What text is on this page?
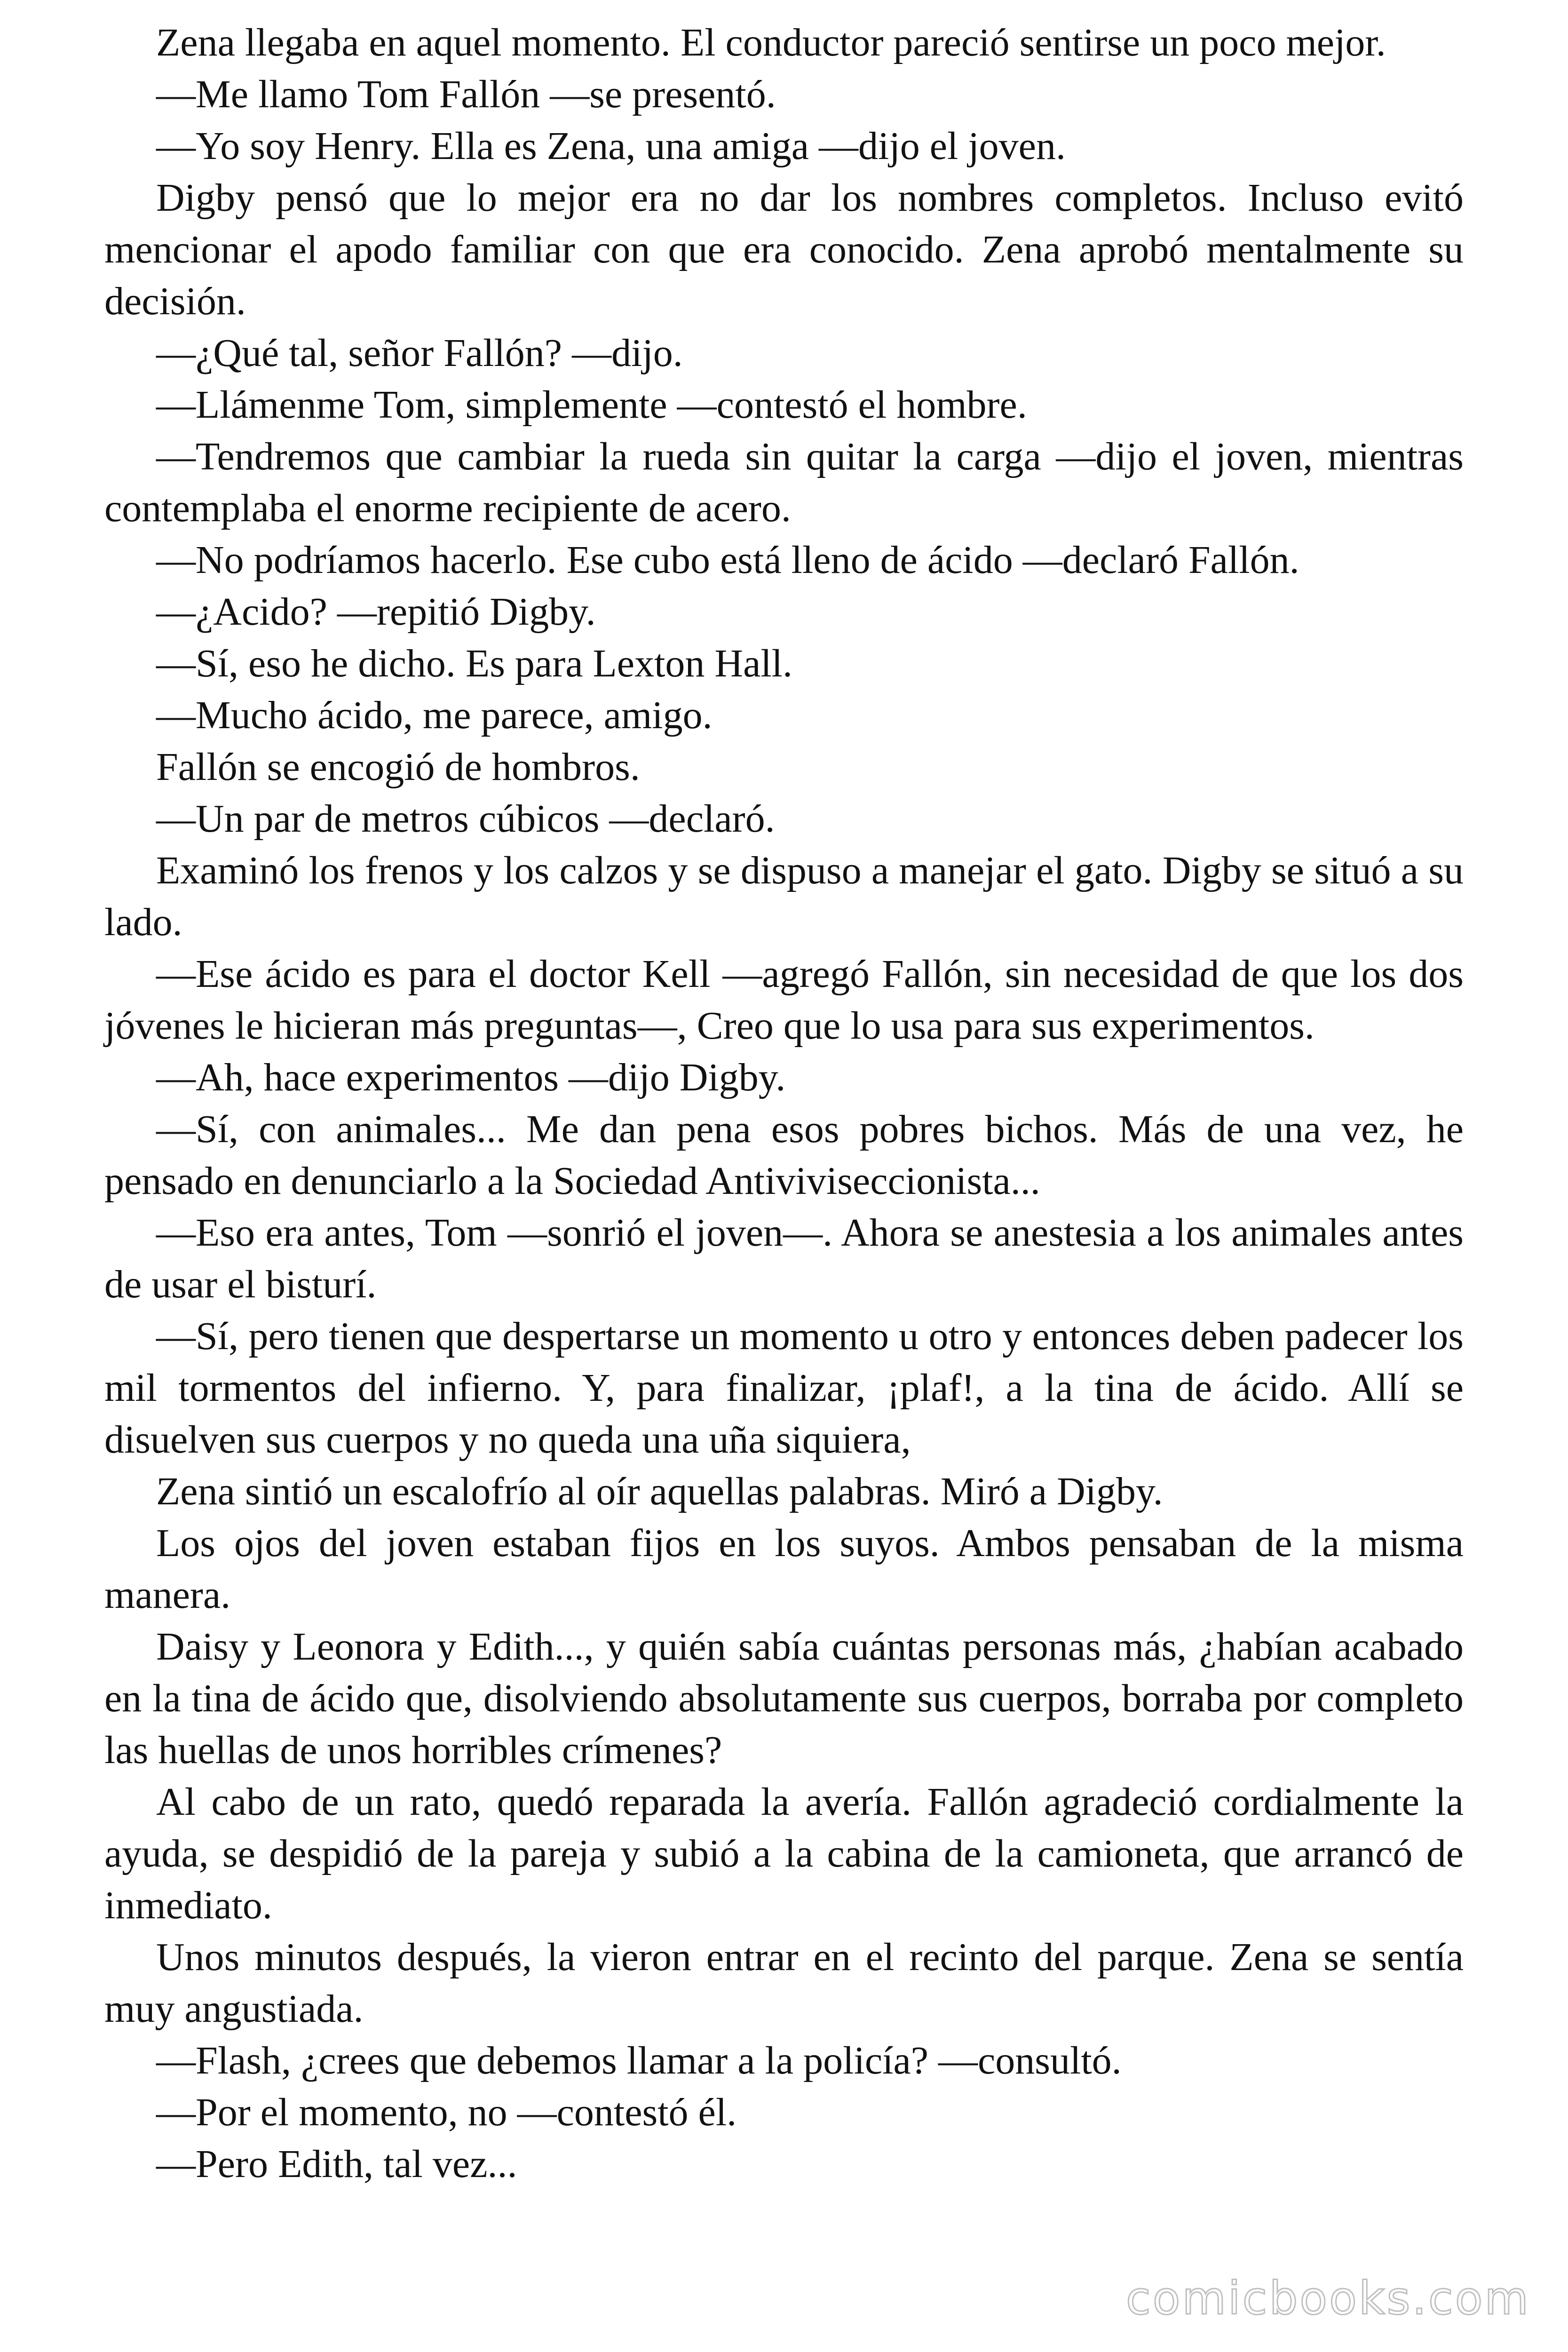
Zena llegaba en aquel momento. El conductor pareció sentirse un poco mejor.

—Me llamo Tom Fallón —se presentó.

—Yo soy Henry. Ella es Zena, una amiga —dijo el joven.

Digby pensó que lo mejor era no dar los nombres completos. Incluso evitó mencionar el apodo familiar con que era conocido. Zena aprobó mentalmente su decisión.

—¿Qué tal, señor Fallón? —dijo.

—Llámenme Tom, simplemente —contestó el hombre.

—Tendremos que cambiar la rueda sin quitar la carga —dijo el joven, mientras contemplaba el enorme recipiente de acero.

—No podríamos hacerlo. Ese cubo está lleno de ácido —declaró Fallón.

—¿Acido? —repitió Digby.

—Sí, eso he dicho. Es para Lexton Hall.

—Mucho ácido, me parece, amigo.

Fallón se encogió de hombros.

—Un par de metros cúbicos —declaró.

Examinó los frenos y los calzos y se dispuso a manejar el gato. Digby se situó a su lado.

—Ese ácido es para el doctor Kell —agregó Fallón, sin necesidad de que los dos jóvenes le hicieran más preguntas—, Creo que lo usa para sus experimentos.

—Ah, hace experimentos —dijo Digby.

—Sí, con animales... Me dan pena esos pobres bichos. Más de una vez, he pensado en denunciarlo a la Sociedad Antiviviseccionista...

—Eso era antes, Tom —sonrió el joven—. Ahora se anestesia a los animales antes de usar el bisturí.

—Sí, pero tienen que despertarse un momento u otro y entonces deben padecer los mil tormentos del infierno. Y, para finalizar, ¡plaf!, a la tina de ácido. Allí se disuelven sus cuerpos y no queda una uña siquiera,

Zena sintió un escalofrío al oír aquellas palabras. Miró a Digby.

Los ojos del joven estaban fijos en los suyos. Ambos pensaban de la misma manera.

Daisy y Leonora y Edith..., y quién sabía cuántas personas más, ¿habían acabado en la tina de ácido que, disolviendo absolutamente sus cuerpos, borraba por completo las huellas de unos horribles crímenes?

Al cabo de un rato, quedó reparada la avería. Fallón agradeció cordialmente la ayuda, se despidió de la pareja y subió a la cabina de la camioneta, que arrancó de inmediato.

Unos minutos después, la vieron entrar en el recinto del parque. Zena se sentía muy angustiada.

—Flash, ¿crees que debemos llamar a la policía? —consultó.

—Por el momento, no —contestó él.

—Pero Edith, tal vez...

comicbooks.com
